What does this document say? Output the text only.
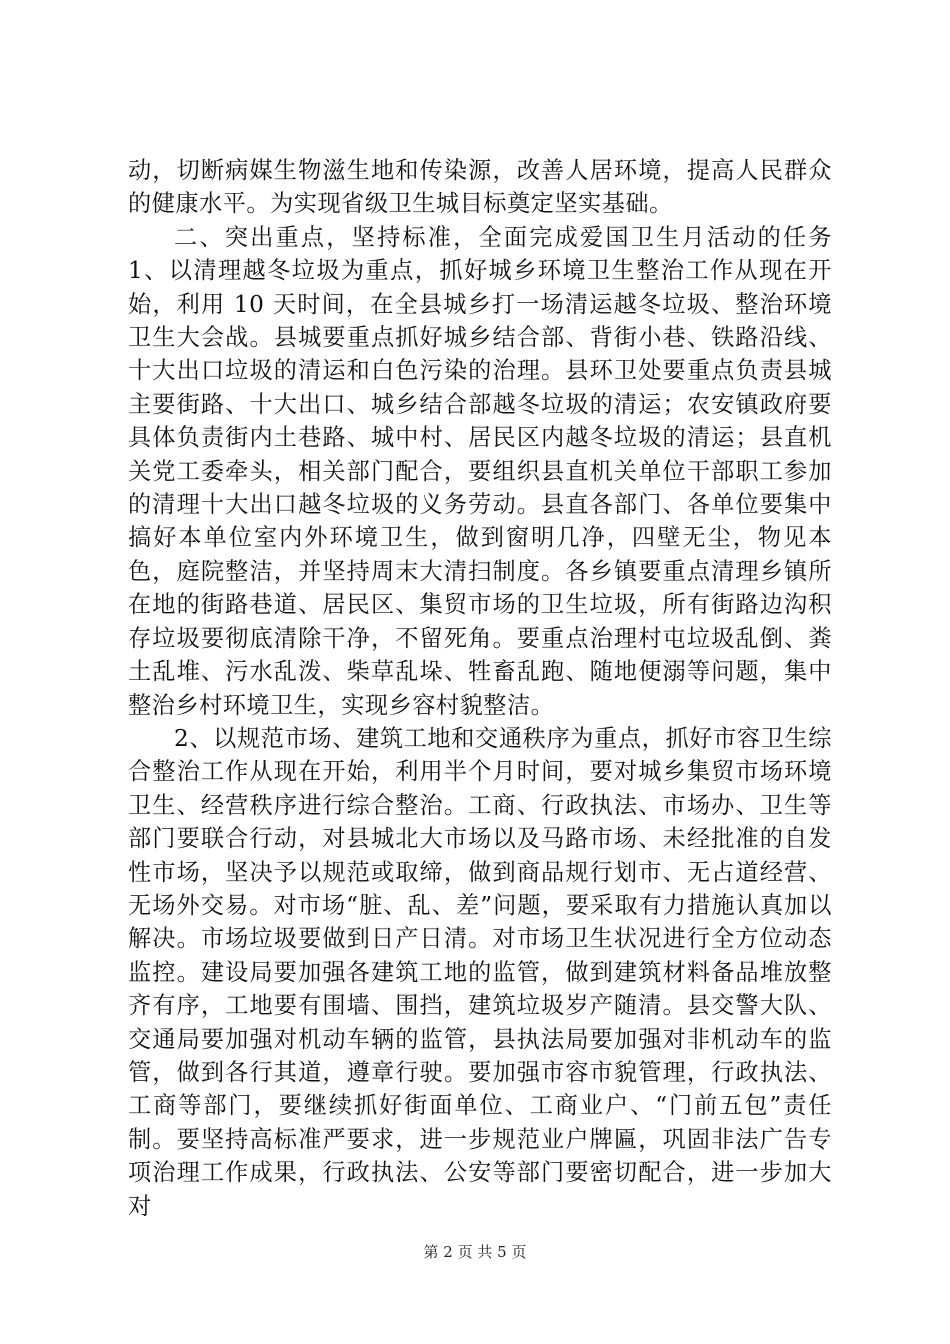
动，切断病媒生物滋生地和传染源，改善人居环境，提高人民群众的健康水平。为实现省级卫生城目标奠定坚实基础。

二、突出重点，坚持标准，全面完成爱国卫生月活动的任务 1、以清理越冬垃圾为重点，抓好城乡环境卫生整治工作从现在开始，利用 10 天时间，在全县城乡打一场清运越冬垃圾、整治环境卫生大会战。县城要重点抓好城乡结合部、背街小巷、铁路沿线、十大出口垃圾的清运和白色污染的治理。县环卫处要重点负责县城主要街路、十大出口、城乡结合部越冬垃圾的清运；农安镇政府要具体负责街内土巷路、城中村、居民区内越冬垃圾的清运；县直机关党工委牵头，相关部门配合，要组织县直机关单位干部职工参加的清理十大出口越冬垃圾的义务劳动。县直各部门、各单位要集中搞好本单位室内外环境卫生，做到窗明几净，四壁无尘，物见本色，庭院整洁，并坚持周末大清扫制度。各乡镇要重点清理乡镇所在地的街路巷道、居民区、集贸市场的卫生垃圾，所有街路边沟积存垃圾要彻底清除干净，不留死角。要重点治理村屯垃圾乱倒、粪土乱堆、污水乱泼、柴草乱垛、牲畜乱跑、随地便溺等问题，集中整治乡村环境卫生，实现乡容村貌整洁。

2、以规范市场、建筑工地和交通秩序为重点，抓好市容卫生综合整治工作从现在开始，利用半个月时间，要对城乡集贸市场环境卫生、经营秩序进行综合整治。工商、行政执法、市场办、卫生等部门要联合行动，对县城北大市场以及马路市场、未经批准的自发性市场，坚决予以规范或取缔，做到商品规行划市、无占道经营、无场外交易。对市场“脏、乱、差”问题，要采取有力措施认真加以解决。市场垃圾要做到日产日清。对市场卫生状况进行全方位动态监控。建设局要加强各建筑工地的监管，做到建筑材料备品堆放整齐有序，工地要有围墙、围挡，建筑垃圾岁产随清。县交警大队、交通局要加强对机动车辆的监管，县执法局要加强对非机动车的监管，做到各行其道，遵章行驶。要加强市容市貌管理，行政执法、工商等部门，要继续抓好街面单位、工商业户、“门前五包”责任制。要坚持高标准严要求，进一步规范业户牌匾，巩固非法广告专项治理工作成果，行政执法、公安等部门要密切配合，进一步加大对

第 2 页 共 5 页
